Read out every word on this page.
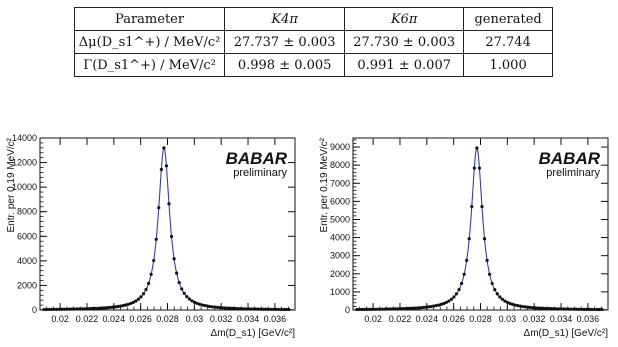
Parameter	K4π	K6π	generated
Δμ(D_s1^+) / MeV/c²	27.737 ± 0.003	27.730 ± 0.003	27.744
Γ(D_s1^+) / MeV/c²	0.998 ± 0.005	0.991 ± 0.007	1.000
0.02 0.022 0.024 0.026 0.028 0.03 0.032 0.034 0.036
0
2000
4000
6000
8000
10000
12000
14000
Δm(D_s1) [GeV/c²]
Entr. per 0.19 MeV/c²	BABAR
preliminary
0.02 0.022 0.024 0.026 0.028 0.03 0.032 0.034 0.036
0
1000
2000
3000
4000
5000
6000
7000
8000
9000
Δm(D_s1) [GeV/c²]
Entr. per 0.19 MeV/c²	BABAR
preliminary
